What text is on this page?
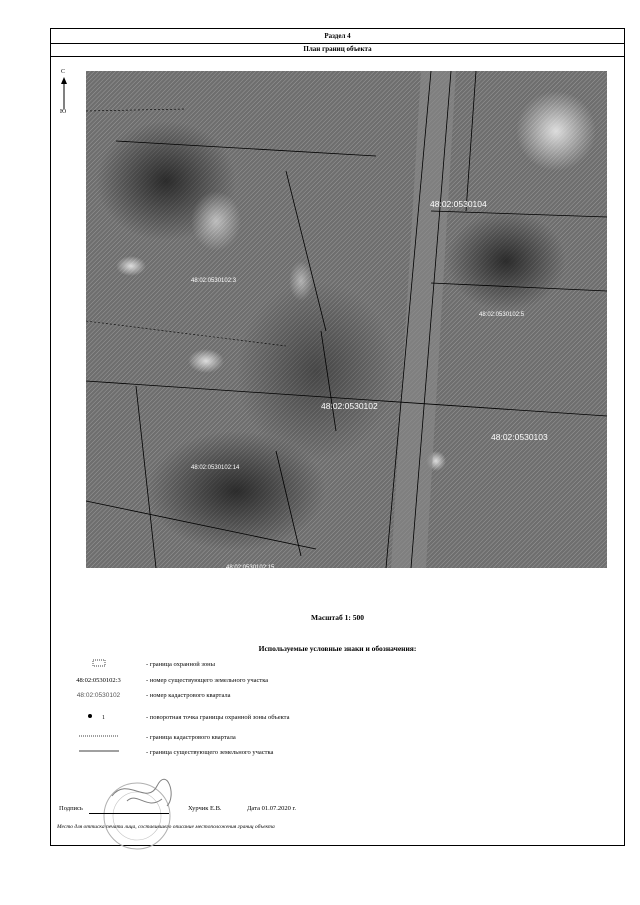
Раздел 4
План границ объекта
С
Ю
48:02:0530104
48:02:0530102:3
48:02:0530102:5
48:02:0530102
48:02:0530103
48:02:0530102:14
48:02:0530102:15
Масштаб 1: 500
Используемые условные знаки и обозначения:
- граница охранной зоны
48:02:0530102:3	- номер существующего земельного участка
48:02:0530102	- номер кадастрового квартала
1	- поворотная точка границы охранной зоны объекта
- граница кадастрового квартала
- граница существующего земельного участка
Подпись	Хурчик Е.В.	Дата 01.07.2020 г.
Место для оттиска печати лица, составившего описание местоположения границ объекта
